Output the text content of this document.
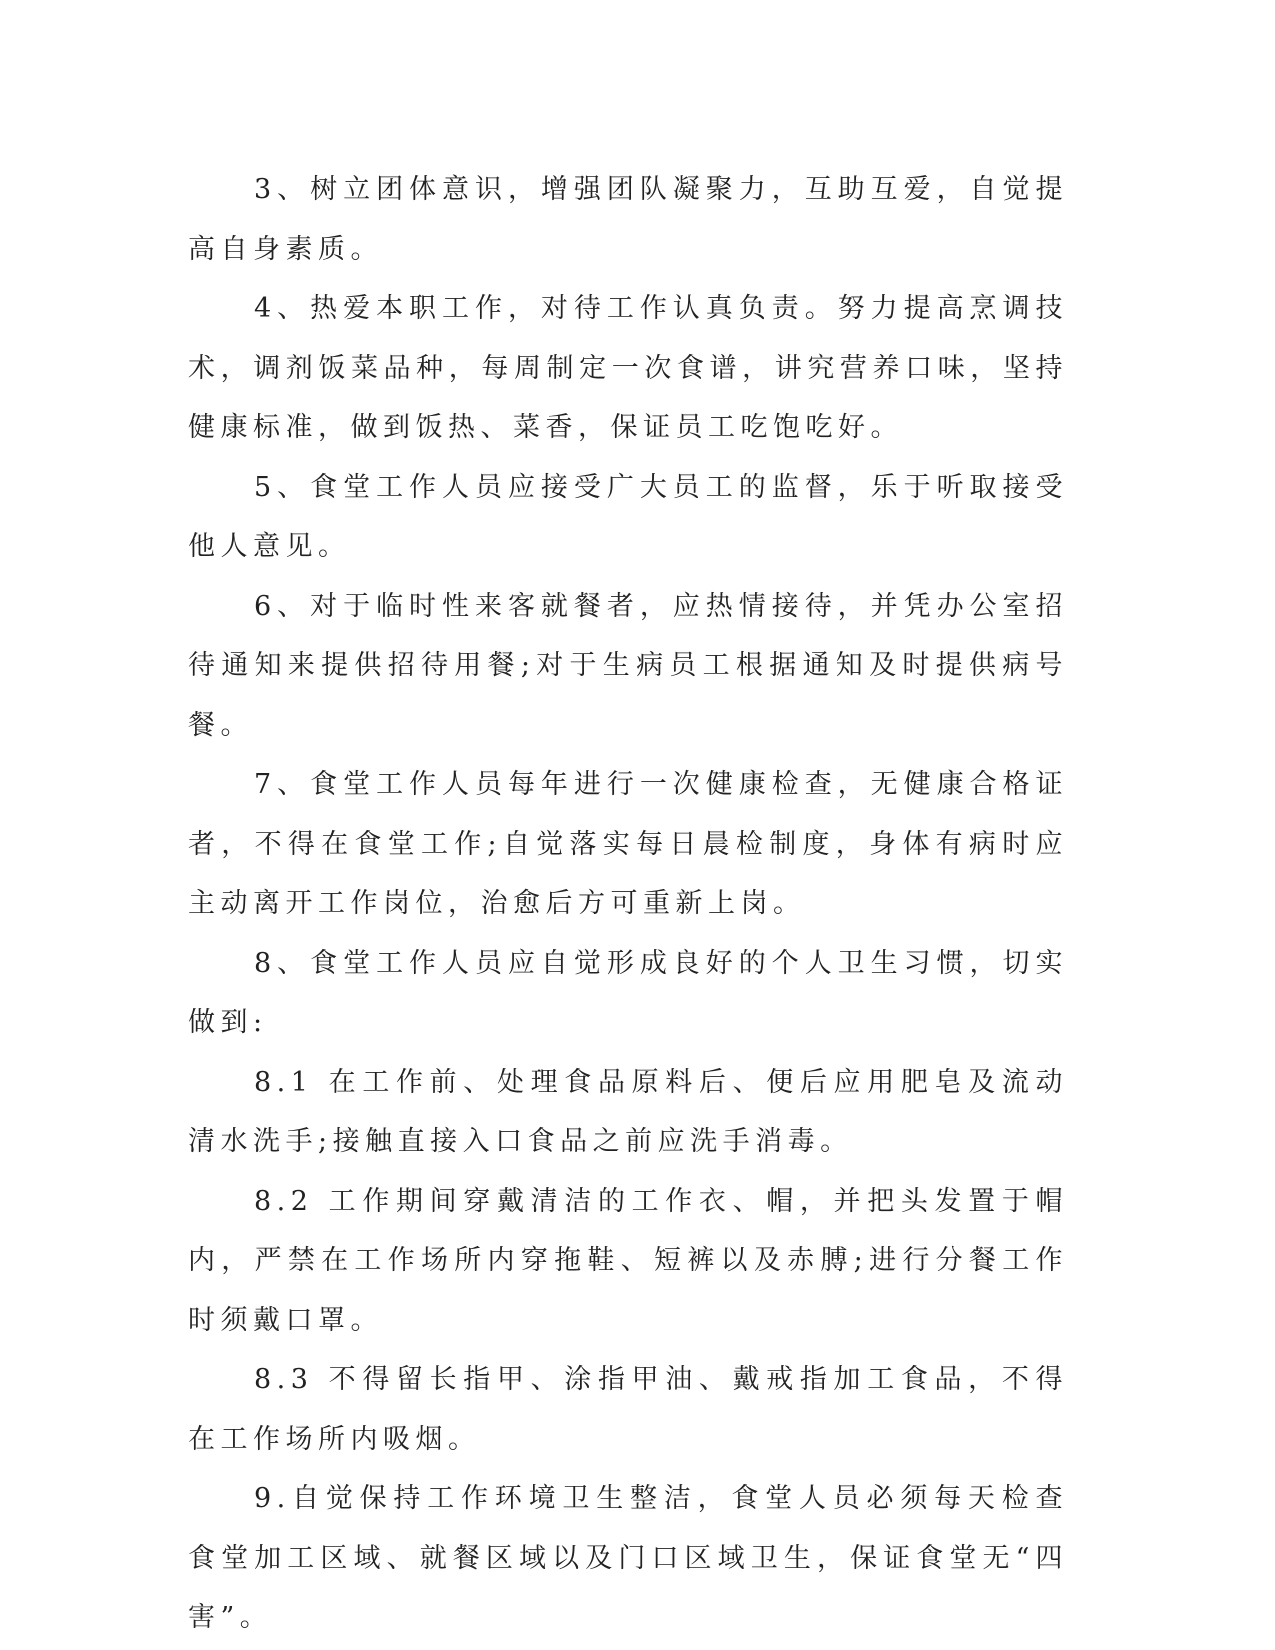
3、树立团体意识，增强团队凝聚力，互助互爱，自觉提高自身素质。

4、热爱本职工作，对待工作认真负责。努力提高烹调技术，调剂饭菜品种，每周制定一次食谱，讲究营养口味，坚持健康标准，做到饭热、菜香，保证员工吃饱吃好。

5、食堂工作人员应接受广大员工的监督，乐于听取接受他人意见。

6、对于临时性来客就餐者，应热情接待，并凭办公室招待通知来提供招待用餐;对于生病员工根据通知及时提供病号餐。

7、食堂工作人员每年进行一次健康检查，无健康合格证者，不得在食堂工作;自觉落实每日晨检制度，身体有病时应主动离开工作岗位，治愈后方可重新上岗。

8、食堂工作人员应自觉形成良好的个人卫生习惯，切实做到:

8.1 在工作前、处理食品原料后、便后应用肥皂及流动清水洗手;接触直接入口食品之前应洗手消毒。

8.2 工作期间穿戴清洁的工作衣、帽，并把头发置于帽内，严禁在工作场所内穿拖鞋、短裤以及赤膊;进行分餐工作时须戴口罩。

8.3 不得留长指甲、涂指甲油、戴戒指加工食品，不得在工作场所内吸烟。

9.自觉保持工作环境卫生整洁，食堂人员必须每天检查食堂加工区域、就餐区域以及门口区域卫生，保证食堂无“四害”。
